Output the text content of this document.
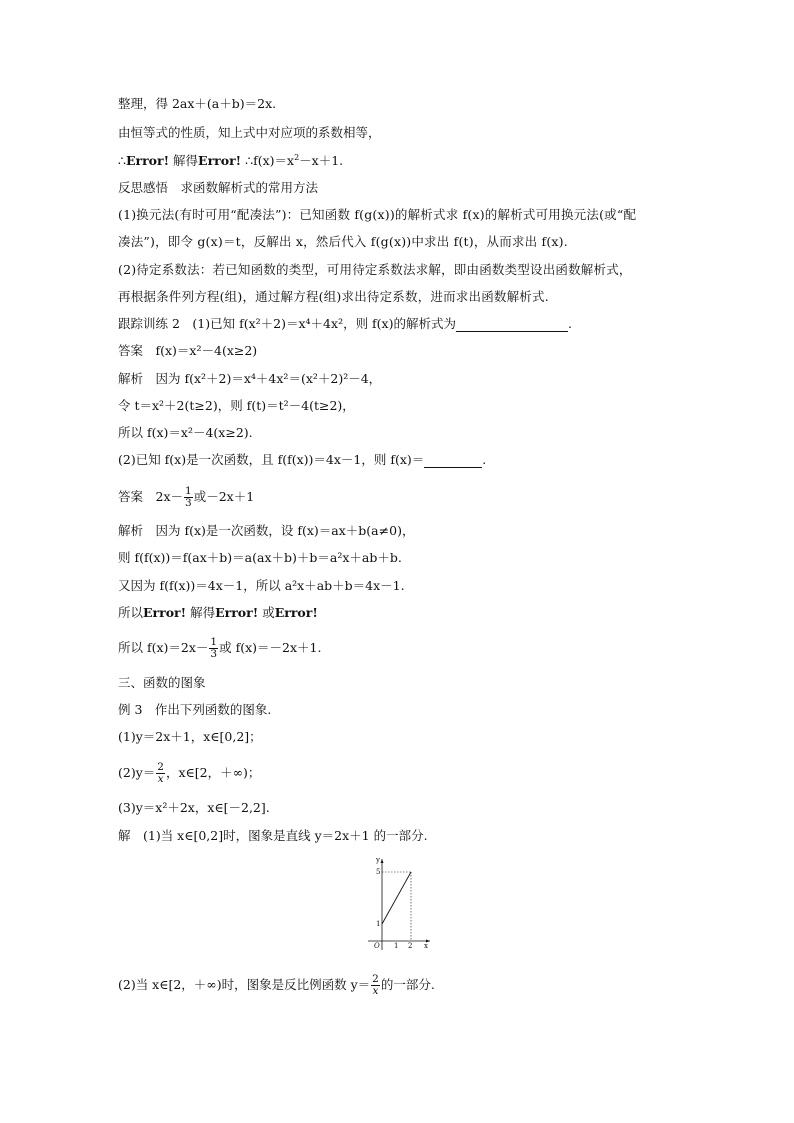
整理，得 2ax＋(a＋b)＝2x.
由恒等式的性质，知上式中对应项的系数相等，
∴Error! 解得Error! $\therefore f(x)=x^2-x+1$.
反思感悟　求函数解析式的常用方法
(1)换元法(有时可用“配凑法”)：已知函数 f(g(x))的解析式求 f(x)的解析式可用换元法(或“配
凑法”)，即令 g(x)＝t，反解出 x，然后代入 f(g(x))中求出 f(t)，从而求出 f(x).
(2)待定系数法：若已知函数的类型，可用待定系数法求解，即由函数类型设出函数解析式，
再根据条件列方程(组)，通过解方程(组)求出待定系数，进而求出函数解析式.
跟踪训练 2　(1)已知 f(x²＋2)＝x⁴＋4x²，则 f(x)的解析式为	.
答案　f(x)＝x²－4(x≥2)
解析　因为 f(x²＋2)＝x⁴＋4x²＝(x²＋2)²－4，
令 t＝x²＋2(t≥2)，则 f(t)＝t²－4(t≥2)，
所以 f(x)＝x²－4(x≥2).
(2)已知 f(x)是一次函数，且 f(f(x))＝4x－1，则 f(x)＝	.
答案　$2x- \frac{1}{3}$ 或－2x＋1
解析　因为 f(x)是一次函数，设 f(x)＝ax＋b(a≠0)，
则 f(f(x))＝f(ax＋b)＝a(ax＋b)＋b＝a²x＋ab＋b.
又因为 f(f(x))＝4x－1，所以 a²x＋ab＋b＝4x－1.
所以Error! 解得Error! 或Error!
所以 $f(x)=2x- \frac{1}{3}$ 或 f(x)＝－2x＋1.
三、函数的图象
例 3　作出下列函数的图象.
(1)y＝2x＋1，x∈[0,2]；
$(2)y= \frac{2}{x}$ ，x∈[2，＋∞)；
(3)y＝x²＋2x，x∈[－2,2].
解　(1)当 x∈[0,2]时，图象是直线 y＝2x＋1 的一部分.
y
x
O 1 2
1
5
(2)当 x∈[2，＋∞)时，图象是反比例函数 $y= \frac{2}{x}$ 的一部分.
